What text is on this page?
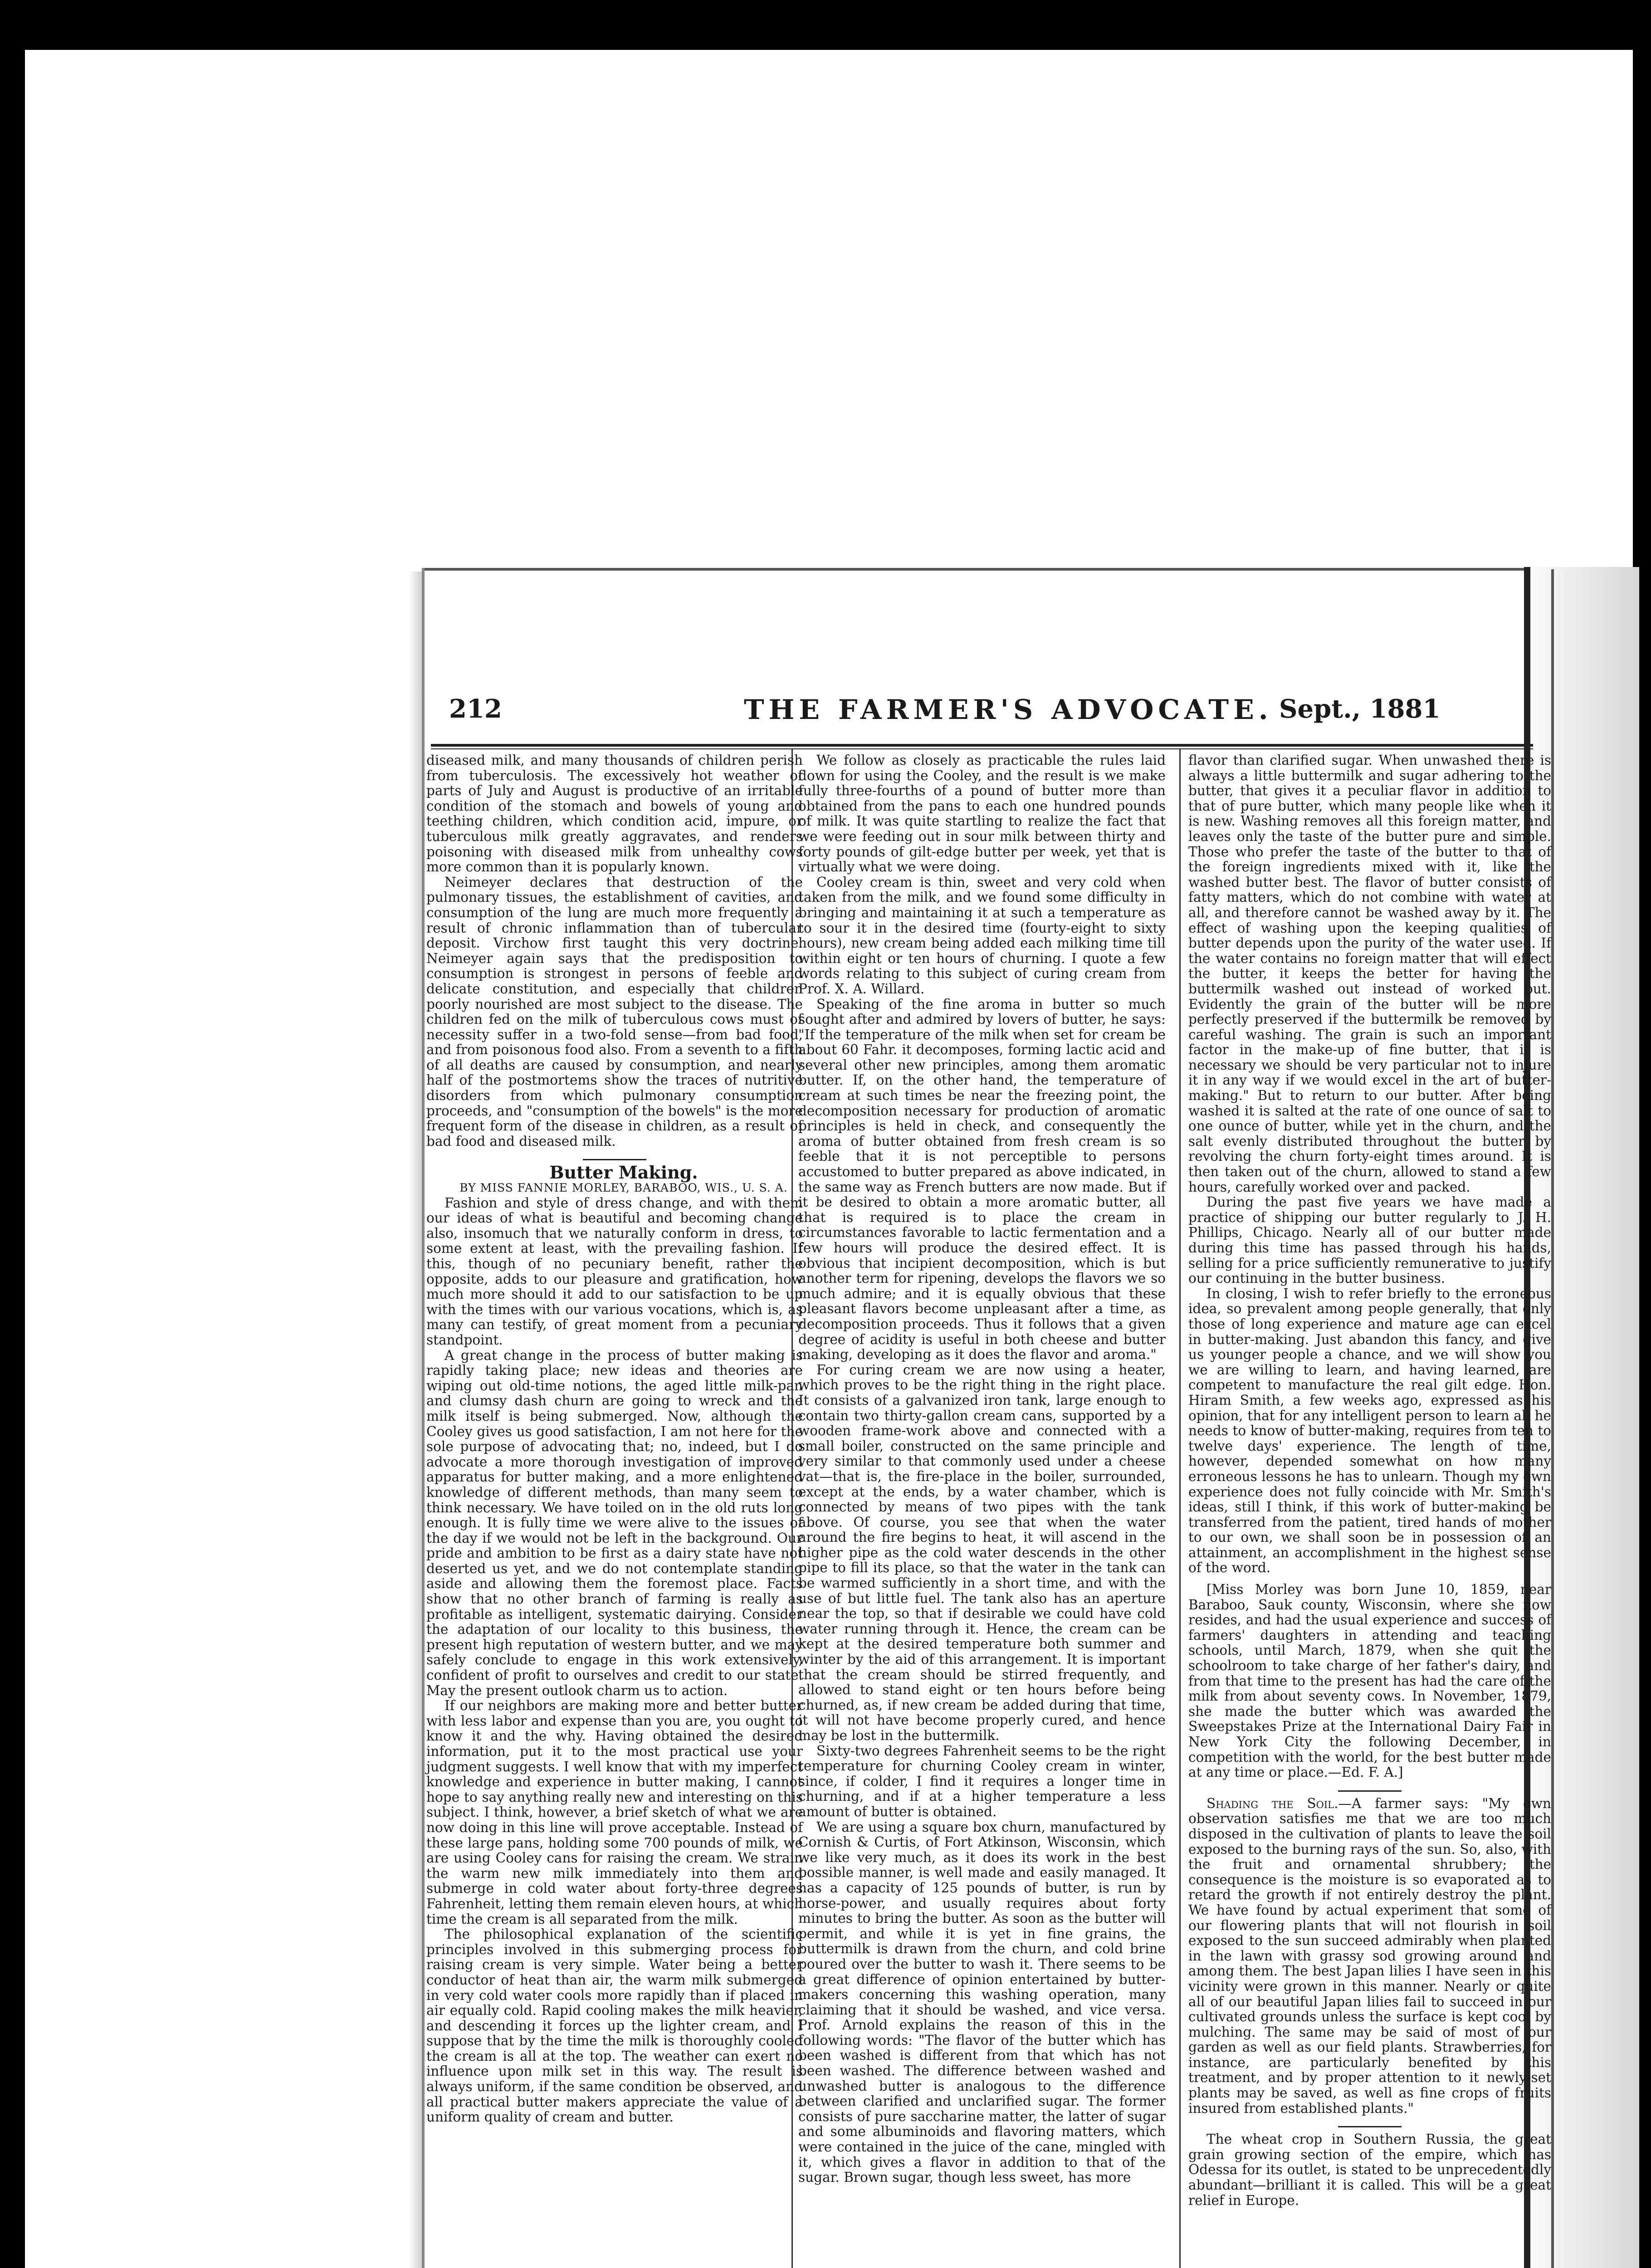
212	THE FARMER'S ADVOCATE. Sept., 1881

diseased milk, and many thousands of children perish from tuberculosis. The excessively hot weather of parts of July and August is productive of an irritable condition of the stomach and bowels of young and teething children, which condition acid, impure, or tuberculous milk greatly aggravates, and renders poisoning with diseased milk from unhealthy cows more common than it is popularly known.

Neimeyer declares that destruction of the pulmonary tissues, the establishment of cavities, and consumption of the lung are much more frequently a result of chronic inflammation than of tubercular deposit. Virchow first taught this very doctrine. Neimeyer again says that the predisposition to consumption is strongest in persons of feeble and delicate constitution, and especially that children poorly nourished are most subject to the disease. The children fed on the milk of tuberculous cows must of necessity suffer in a two-fold sense—from bad food, and from poisonous food also. From a seventh to a fifth of all deaths are caused by consumption, and nearly half of the postmortems show the traces of nutritive disorders from which pulmonary consumption proceeds, and "consumption of the bowels" is the more frequent form of the disease in children, as a result of bad food and diseased milk.

Butter Making.

BY MISS FANNIE MORLEY, BARABOO, WIS., U. S. A.

Fashion and style of dress change, and with them our ideas of what is beautiful and becoming change also, insomuch that we naturally conform in dress, to some extent at least, with the prevailing fashion. If this, though of no pecuniary benefit, rather the opposite, adds to our pleasure and gratification, how much more should it add to our satisfaction to be up with the times with our various vocations, which is, as many can testify, of great moment from a pecuniary standpoint.

A great change in the process of butter making is rapidly taking place; new ideas and theories are wiping out old-time notions, the aged little milk-pan and clumsy dash churn are going to wreck and the milk itself is being submerged. Now, although the Cooley gives us good satisfaction, I am not here for the sole purpose of advocating that; no, indeed, but I do advocate a more thorough investigation of improved apparatus for butter making, and a more enlightened knowledge of different methods, than many seem to think necessary. We have toiled on in the old ruts long enough. It is fully time we were alive to the issues of the day if we would not be left in the background. Our pride and ambition to be first as a dairy state have not deserted us yet, and we do not contemplate standing aside and allowing them the foremost place. Facts show that no other branch of farming is really as profitable as intelligent, systematic dairying. Consider the adaptation of our locality to this business, the present high reputation of western butter, and we may safely conclude to engage in this work extensively, confident of profit to ourselves and credit to our state. May the present outlook charm us to action.

If our neighbors are making more and better butter with less labor and expense than you are, you ought to know it and the why. Having obtained the desired information, put it to the most practical use your judgment suggests. I well know that with my imperfect knowledge and experience in butter making, I cannot hope to say anything really new and interesting on this subject. I think, however, a brief sketch of what we are now doing in this line will prove acceptable. Instead of these large pans, holding some 700 pounds of milk, we are using Cooley cans for raising the cream. We strain the warm new milk immediately into them and submerge in cold water about forty-three degrees Fahrenheit, letting them remain eleven hours, at which time the cream is all separated from the milk.

The philosophical explanation of the scientific principles involved in this submerging process for raising cream is very simple. Water being a better conductor of heat than air, the warm milk submerged in very cold water cools more rapidly than if placed in air equally cold. Rapid cooling makes the milk heavier, and descending it forces up the lighter cream, and I suppose that by the time the milk is thoroughly cooled the cream is all at the top. The weather can exert no influence upon milk set in this way. The result is always uniform, if the same condition be observed, and all practical butter makers appreciate the value of a uniform quality of cream and butter.

We follow as closely as practicable the rules laid down for using the Cooley, and the result is we make fully three-fourths of a pound of butter more than obtained from the pans to each one hundred pounds of milk. It was quite startling to realize the fact that we were feeding out in sour milk between thirty and forty pounds of gilt-edge butter per week, yet that is virtually what we were doing.

Cooley cream is thin, sweet and very cold when taken from the milk, and we found some difficulty in bringing and maintaining it at such a temperature as to sour it in the desired time (fourty-eight to sixty hours), new cream being added each milking time till within eight or ten hours of churning. I quote a few words relating to this subject of curing cream from Prof. X. A. Willard.

Speaking of the fine aroma in butter so much sought after and admired by lovers of butter, he says: "If the temperature of the milk when set for cream be about 60 Fahr. it decomposes, forming lactic acid and several other new principles, among them aromatic butter. If, on the other hand, the temperature of cream at such times be near the freezing point, the decomposition necessary for production of aromatic principles is held in check, and consequently the aroma of butter obtained from fresh cream is so feeble that it is not perceptible to persons accustomed to butter prepared as above indicated, in the same way as French butters are now made. But if it be desired to obtain a more aromatic butter, all that is required is to place the cream in circumstances favorable to lactic fermentation and a few hours will produce the desired effect. It is obvious that incipient decomposition, which is but another term for ripening, develops the flavors we so much admire; and it is equally obvious that these pleasant flavors become unpleasant after a time, as decomposition proceeds. Thus it follows that a given degree of acidity is useful in both cheese and butter making, developing as it does the flavor and aroma."

For curing cream we are now using a heater, which proves to be the right thing in the right place. It consists of a galvanized iron tank, large enough to contain two thirty-gallon cream cans, supported by a wooden frame-work above and connected with a small boiler, constructed on the same principle and very similar to that commonly used under a cheese vat—that is, the fire-place in the boiler, surrounded, except at the ends, by a water chamber, which is connected by means of two pipes with the tank above. Of course, you see that when the water around the fire begins to heat, it will ascend in the higher pipe as the cold water descends in the other pipe to fill its place, so that the water in the tank can be warmed sufficiently in a short time, and with the use of but little fuel. The tank also has an aperture near the top, so that if desirable we could have cold water running through it. Hence, the cream can be kept at the desired temperature both summer and winter by the aid of this arrangement. It is important that the cream should be stirred frequently, and allowed to stand eight or ten hours before being churned, as, if new cream be added during that time, it will not have become properly cured, and hence may be lost in the buttermilk.

Sixty-two degrees Fahrenheit seems to be the right temperature for churning Cooley cream in winter, since, if colder, I find it requires a longer time in churning, and if at a higher temperature a less amount of butter is obtained.

We are using a square box churn, manufactured by Cornish & Curtis, of Fort Atkinson, Wisconsin, which we like very much, as it does its work in the best possible manner, is well made and easily managed. It has a capacity of 125 pounds of butter, is run by horse-power, and usually requires about forty minutes to bring the butter. As soon as the butter will permit, and while it is yet in fine grains, the buttermilk is drawn from the churn, and cold brine poured over the butter to wash it. There seems to be a great difference of opinion entertained by butter-makers concerning this washing operation, many claiming that it should be washed, and vice versa. Prof. Arnold explains the reason of this in the following words: "The flavor of the butter which has been washed is different from that which has not been washed. The difference between washed and unwashed butter is analogous to the difference between clarified and unclarified sugar. The former consists of pure saccharine matter, the latter of sugar and some albuminoids and flavoring matters, which were contained in the juice of the cane, mingled with it, which gives a flavor in addition to that of the sugar. Brown sugar, though less sweet, has more

flavor than clarified sugar. When unwashed there is always a little buttermilk and sugar adhering to the butter, that gives it a peculiar flavor in addition to that of pure butter, which many people like when it is new. Washing removes all this foreign matter, and leaves only the taste of the butter pure and simple. Those who prefer the taste of the butter to that of the foreign ingredients mixed with it, like the washed butter best. The flavor of butter consists of fatty matters, which do not combine with water at all, and therefore cannot be washed away by it. The effect of washing upon the keeping qualities of butter depends upon the purity of the water used. If the water contains no foreign matter that will effect the butter, it keeps the better for having the buttermilk washed out instead of worked out. Evidently the grain of the butter will be more perfectly preserved if the buttermilk be removed by careful washing. The grain is such an important factor in the make-up of fine butter, that it is necessary we should be very particular not to injure it in any way if we would excel in the art of butter-making." But to return to our butter. After being washed it is salted at the rate of one ounce of salt to one ounce of butter, while yet in the churn, and the salt evenly distributed throughout the butter by revolving the churn forty-eight times around. It is then taken out of the churn, allowed to stand a few hours, carefully worked over and packed.

During the past five years we have made a practice of shipping our butter regularly to J. H. Phillips, Chicago. Nearly all of our butter made during this time has passed through his hands, selling for a price sufficiently remunerative to justify our continuing in the butter business.

In closing, I wish to refer briefly to the erroneous idea, so prevalent among people generally, that only those of long experience and mature age can excel in butter-making. Just abandon this fancy, and give us younger people a chance, and we will show you we are willing to learn, and having learned, are competent to manufacture the real gilt edge. Hon. Hiram Smith, a few weeks ago, expressed as his opinion, that for any intelligent person to learn all he needs to know of butter-making, requires from ten to twelve days' experience. The length of time, however, depended somewhat on how many erroneous lessons he has to unlearn. Though my own experience does not fully coincide with Mr. Smith's ideas, still I think, if this work of butter-making be transferred from the patient, tired hands of mother to our own, we shall soon be in possession of an attainment, an accomplishment in the highest sense of the word.

[Miss Morley was born June 10, 1859, near Baraboo, Sauk county, Wisconsin, where she now resides, and had the usual experience and success of farmers' daughters in attending and teaching schools, until March, 1879, when she quit the schoolroom to take charge of her father's dairy, and from that time to the present has had the care of the milk from about seventy cows. In November, 1879, she made the butter which was awarded the Sweepstakes Prize at the International Dairy Fair in New York City the following December, in competition with the world, for the best butter made at any time or place.—Ed. F. A.]

Shading the Soil.—A farmer says: "My own observation satisfies me that we are too much disposed in the cultivation of plants to leave the soil exposed to the burning rays of the sun. So, also, with the fruit and ornamental shrubbery; the consequence is the moisture is so evaporated as to retard the growth if not entirely destroy the plant. We have found by actual experiment that some of our flowering plants that will not flourish in soil exposed to the sun succeed admirably when planted in the lawn with grassy sod growing around and among them. The best Japan lilies I have seen in this vicinity were grown in this manner. Nearly or quite all of our beautiful Japan lilies fail to succeed in our cultivated grounds unless the surface is kept cool by mulching. The same may be said of most of our garden as well as our field plants. Strawberries, for instance, are particularly benefited by this treatment, and by proper attention to it newly-set plants may be saved, as well as fine crops of fruits insured from established plants."

The wheat crop in Southern Russia, the great grain growing section of the empire, which has Odessa for its outlet, is stated to be unprecedentedly abundant—brilliant it is called. This will be a great relief in Europe.
